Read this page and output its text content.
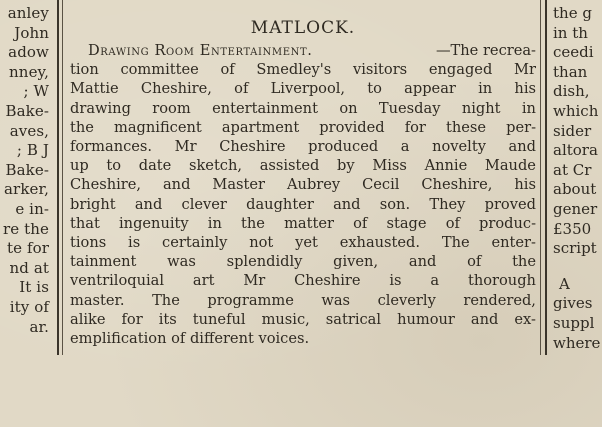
anley
John
adow
nney,
; W
Bake-
aves,
; B J
Bake-
arker,
e in-
re the
te for
nd at
It is
ity of
ar.
MATLOCK.
Drawing Room Entertainment.	—The recrea-
tion committee of Smedley's visitors engaged Mr
Mattie Cheshire, of Liverpool, to appear in his
drawing room entertainment on Tuesday night in
the magnificent apartment provided for these per-
formances. Mr Cheshire produced a novelty and
up to date sketch, assisted by Miss Annie Maude
Cheshire, and Master Aubrey Cecil Cheshire, his
bright and clever daughter and son. They proved
that ingenuity in the matter of stage of produc-
tions is certainly not yet exhausted. The enter-
tainment was splendidly given, and of the
ventriloquial art Mr Cheshire is a thorough
master. The programme was cleverly rendered,
alike for its tuneful music, satrical humour and ex-
emplification of different voices.
the g
in th
ceedi
than
dish,
which
sider
altora
at Cr
about
gener
£350
script
A
gives
suppl
where
